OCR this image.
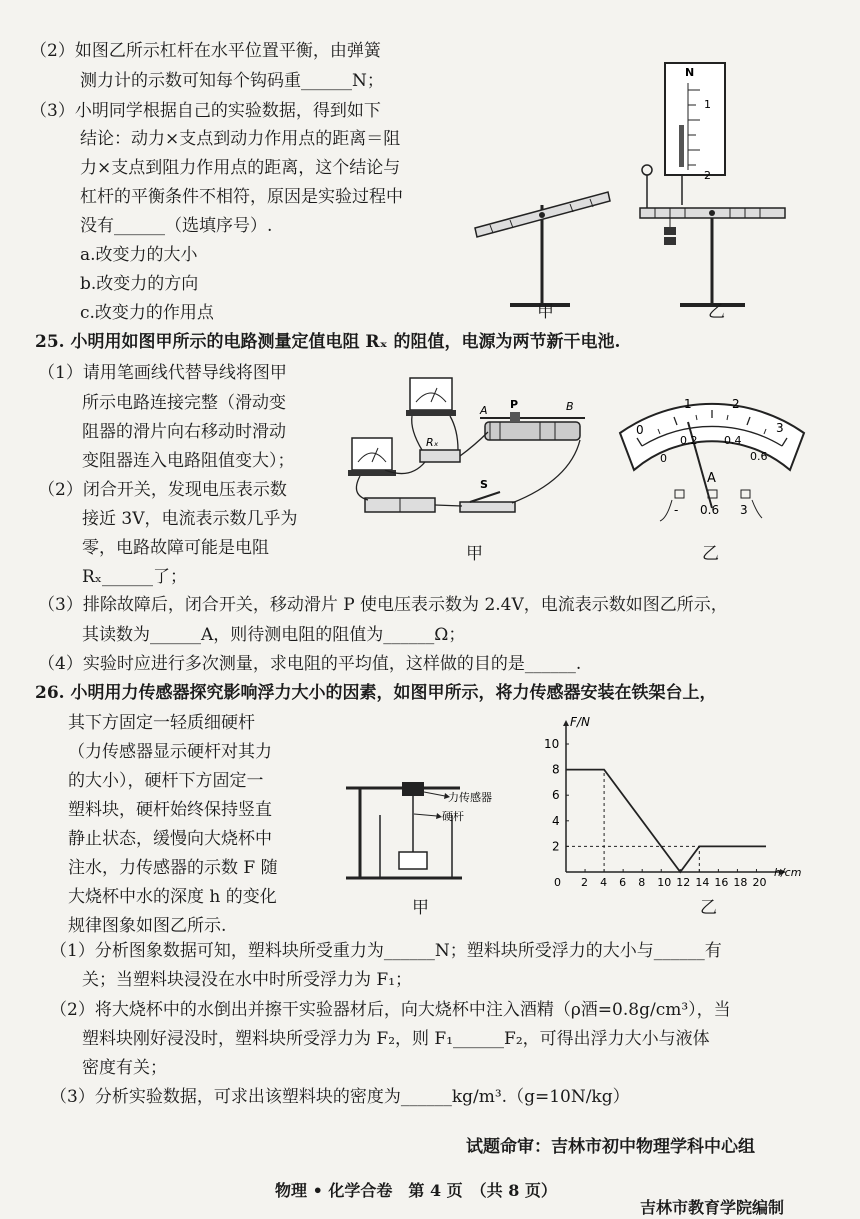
（2）如图乙所示杠杆在水平位置平衡，由弹簧
测力计的示数可知每个钩码重______N；
（3）小明同学根据自己的实验数据，得到如下
结论：动力×支点到动力作用点的距离＝阻
力×支点到阻力作用点的距离，这个结论与
杠杆的平衡条件不相符，原因是实验过程中
没有______（选填序号）.
a.改变力的大小
b.改变力的方向
c.改变力的作用点
N
1
2
甲	乙
25. 小明用如图甲所示的电路测量定值电阻 Rₓ 的阻值，电源为两节新干电池.
（1）请用笔画线代替导线将图甲
所示电路连接完整（滑动变
阻器的滑片向右移动时滑动
变阻器连入电路阻值变大）；
（2）闭合开关，发现电压表示数
接近 3V，电流表示数几乎为
零，电路故障可能是电阻
Rₓ______了；
Rₓ
A P	B
S
甲
0
1	2
3
0
0.2 0.4
0.6
A
- 0.6 3
乙
（3）排除故障后，闭合开关，移动滑片 P 使电压表示数为 2.4V，电流表示数如图乙所示，
其读数为______A，则待测电阻的阻值为______Ω；
（4）实验时应进行多次测量，求电阻的平均值，这样做的目的是______.
26. 小明用力传感器探究影响浮力大小的因素，如图甲所示，将力传感器安装在铁架台上，
其下方固定一轻质细硬杆
（力传感器显示硬杆对其力
的大小），硬杆下方固定一
塑料块，硬杆始终保持竖直
静止状态，缓慢向大烧杯中
注水，力传感器的示数 F 随
大烧杯中水的深度 h 的变化
规律图象如图乙所示.
力传感器
硬杆
甲
F/N
h/cm
0 2 4 6 8 10 12 14 16 18 20
2
4
6
8
10
乙
（1）分析图象数据可知，塑料块所受重力为______N；塑料块所受浮力的大小与______有
关；当塑料块浸没在水中时所受浮力为 F₁；
（2）将大烧杯中的水倒出并擦干实验器材后，向大烧杯中注入酒精（ρ酒=0.8g/cm³），当
塑料块刚好浸没时，塑料块所受浮力为 F₂，则 F₁______F₂，可得出浮力大小与液体
密度有关；
（3）分析实验数据，可求出该塑料块的密度为______kg/m³.（g=10N/kg）
试题命审：吉林市初中物理学科中心组
物理 • 化学合卷　第 4 页　（共 8 页）
吉林市教育学院编制
